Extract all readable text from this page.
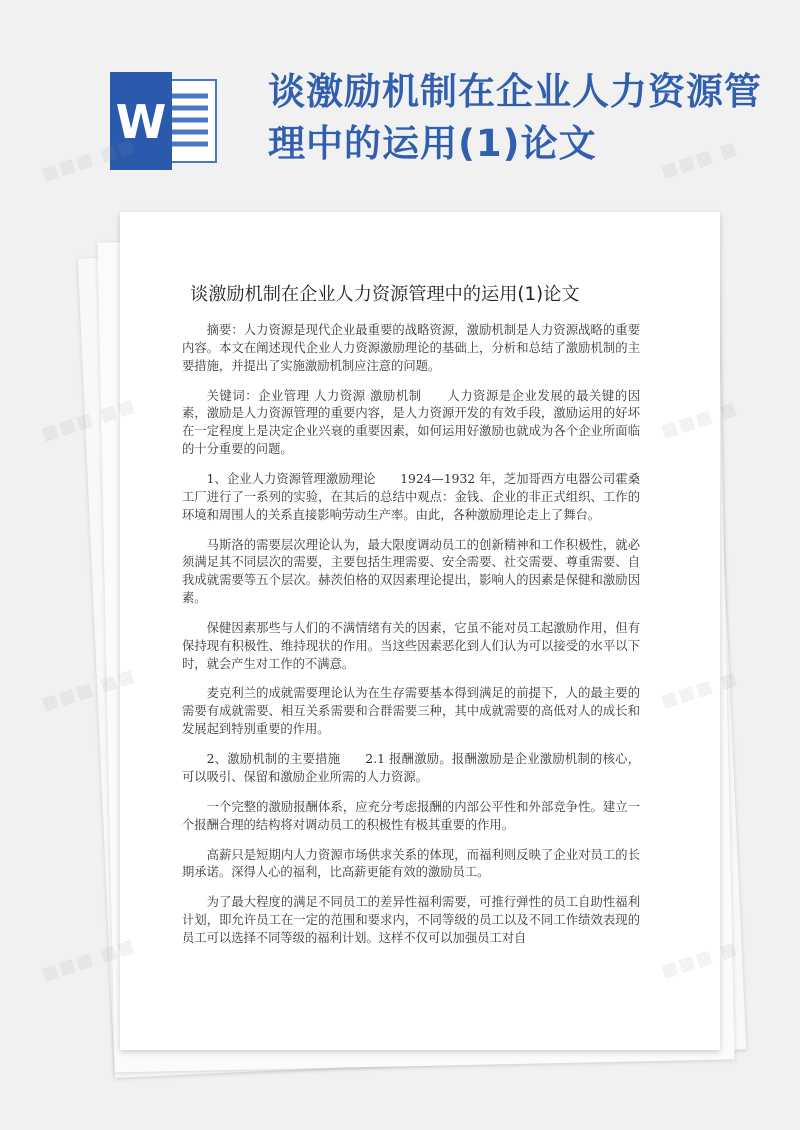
W
谈激励机制在企业人力资源管理中的运用(1)论文
谈激励机制在企业人力资源管理中的运用(1)论文

摘要：人力资源是现代企业最重要的战略资源，激励机制是人力资源战略的重要内容。本文在阐述现代企业人力资源激励理论的基础上，分析和总结了激励机制的主要措施，并提出了实施激励机制应注意的问题。

关键词：企业管理 人力资源 激励机制　　人力资源是企业发展的最关键的因素，激励是人力资源管理的重要内容，是人力资源开发的有效手段，激励运用的好坏在一定程度上是决定企业兴衰的重要因素，如何运用好激励也就成为各个企业所面临的十分重要的问题。

1、企业人力资源管理激励理论　　1924—1932 年，芝加哥西方电器公司霍桑工厂进行了一系列的实验，在其后的总结中观点：金钱、企业的非正式组织、工作的环境和周围人的关系直接影响劳动生产率。由此，各种激励理论走上了舞台。

马斯洛的需要层次理论认为，最大限度调动员工的创新精神和工作积极性，就必须满足其不同层次的需要，主要包括生理需要、安全需要、社交需要、尊重需要、自我成就需要等五个层次。赫茨伯格的双因素理论提出，影响人的因素是保健和激励因素。

保健因素那些与人们的不满情绪有关的因素，它虽不能对员工起激励作用，但有保持现有积极性、维持现状的作用。当这些因素恶化到人们认为可以接受的水平以下时，就会产生对工作的不满意。

麦克利兰的成就需要理论认为在生存需要基本得到满足的前提下，人的最主要的需要有成就需要、相互关系需要和合群需要三种，其中成就需要的高低对人的成长和发展起到特别重要的作用。

2、激励机制的主要措施　　2.1 报酬激励。报酬激励是企业激励机制的核心，可以吸引、保留和激励企业所需的人力资源。

一个完整的激励报酬体系，应充分考虑报酬的内部公平性和外部竞争性。建立一个报酬合理的结构将对调动员工的积极性有极其重要的作用。

高薪只是短期内人力资源市场供求关系的体现，而福利则反映了企业对员工的长期承诺。深得人心的福利，比高薪更能有效的激励员工。

为了最大程度的满足不同员工的差异性福利需要，可推行弹性的员工自助性福利计划，即允许员工在一定的范围和要求内，不同等级的员工以及不同工作绩效表现的员工可以选择不同等级的福利计划。这样不仅可以加强员工对自

▦▦▦ ▦▦	▦▦▦ ▦
▦▦▦	▦
▦▦▦ ▦▦
▦▦▦ ▦▦
